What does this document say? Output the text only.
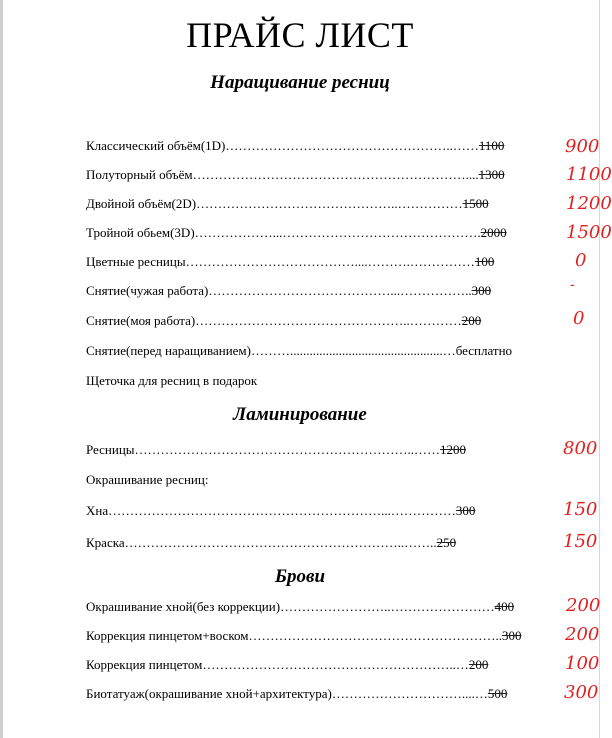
ПРАЙС ЛИСТ
Наращивание ресниц
Классический объём(1D)……………………………………………..……1100	900
Полуторный объём………………………………………………………....1300	1100
Двойной объём(2D)………………………………………..……………1500	1200
Тройной обьем(3D)………………...……………………………………….2000	1500
Цветные ресницы…………………………………....……….……………100	0
Снятие(чужая работа)……………………………………...……………..300	-
Снятие(моя работа)…………………………………………..…………200	0
Снятие(перед наращиванием)………...............................................…бесплатно
Щеточка для ресниц в подарок
Ламинирование
Ресницы………………………………………………………..……1200	800
Окрашивание ресниц:
Хна………………………………………………………...……………300	150
Краска………………………………………………………..……..250	150
Брови
Окрашивание хной(без коррекции)……………………..……………………400	200
Коррекция пинцетом+воском…………………………………………………..300 200
Коррекция пинцетом…………………………………………………..…200	100
Биотатуаж(окрашивание хной+архитектура)…………………………....…500	300
